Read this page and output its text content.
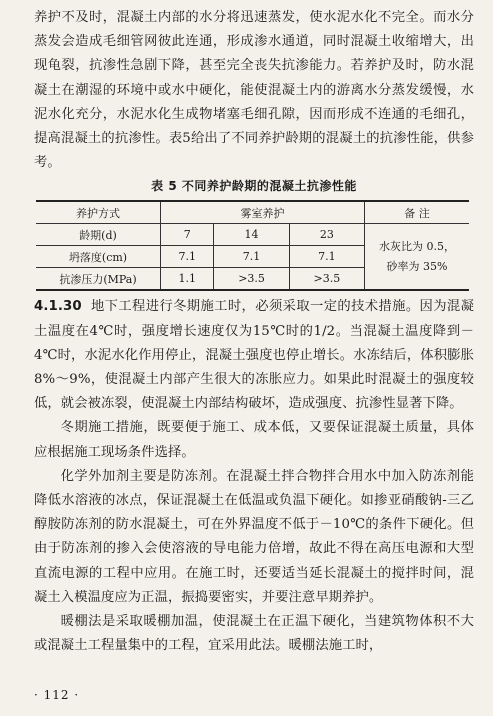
养护不及时，混凝土内部的水分将迅速蒸发，使水泥水化不完全。而水分蒸发会造成毛细管网彼此连通，形成渗水通道，同时混凝土收缩增大，出现龟裂，抗渗性急剧下降，甚至完全丧失抗渗能力。若养护及时，防水混凝土在潮湿的环境中或水中硬化，能使混凝土内的游离水分蒸发缓慢，水泥水化充分，水泥水化生成物堵塞毛细孔隙，因而形成不连通的毛细孔，提高混凝土的抗渗性。表5给出了不同养护龄期的混凝土的抗渗性能，供参考。

表 5 不同养护龄期的混凝土抗渗性能
养护方式	雾室养护			备 注
龄期(d)	7	14	23	水灰比为 0.5，
砂率为 35%

坍落度(cm)	7.1	7.1	7.1	
抗渗压力(MPa)	1.1	>3.5	>3.5	

4.1.30 地下工程进行冬期施工时，必须采取一定的技术措施。因为混凝土温度在4℃时，强度增长速度仅为15℃时的1/2。当混凝土温度降到－4℃时，水泥水化作用停止，混凝土强度也停止增长。水冻结后，体积膨胀8%～9%，使混凝土内部产生很大的冻胀应力。如果此时混凝土的强度较低，就会被冻裂，使混凝土内部结构破坏，造成强度、抗渗性显著下降。

冬期施工措施，既要便于施工、成本低，又要保证混凝土质量，具体应根据施工现场条件选择。

化学外加剂主要是防冻剂。在混凝土拌合物拌合用水中加入防冻剂能降低水溶液的冰点，保证混凝土在低温或负温下硬化。如掺亚硝酸钠-三乙醇胺防冻剂的防水混凝土，可在外界温度不低于－10℃的条件下硬化。但由于防冻剂的掺入会使溶液的导电能力倍增，故此不得在高压电源和大型直流电源的工程中应用。在施工时，还要适当延长混凝土的搅拌时间，混凝土入模温度应为正温，振捣要密实，并要注意早期养护。

暖棚法是采取暖棚加温，使混凝土在正温下硬化，当建筑物体积不大或混凝土工程量集中的工程，宜采用此法。暖棚法施工时，

· 112 ·
